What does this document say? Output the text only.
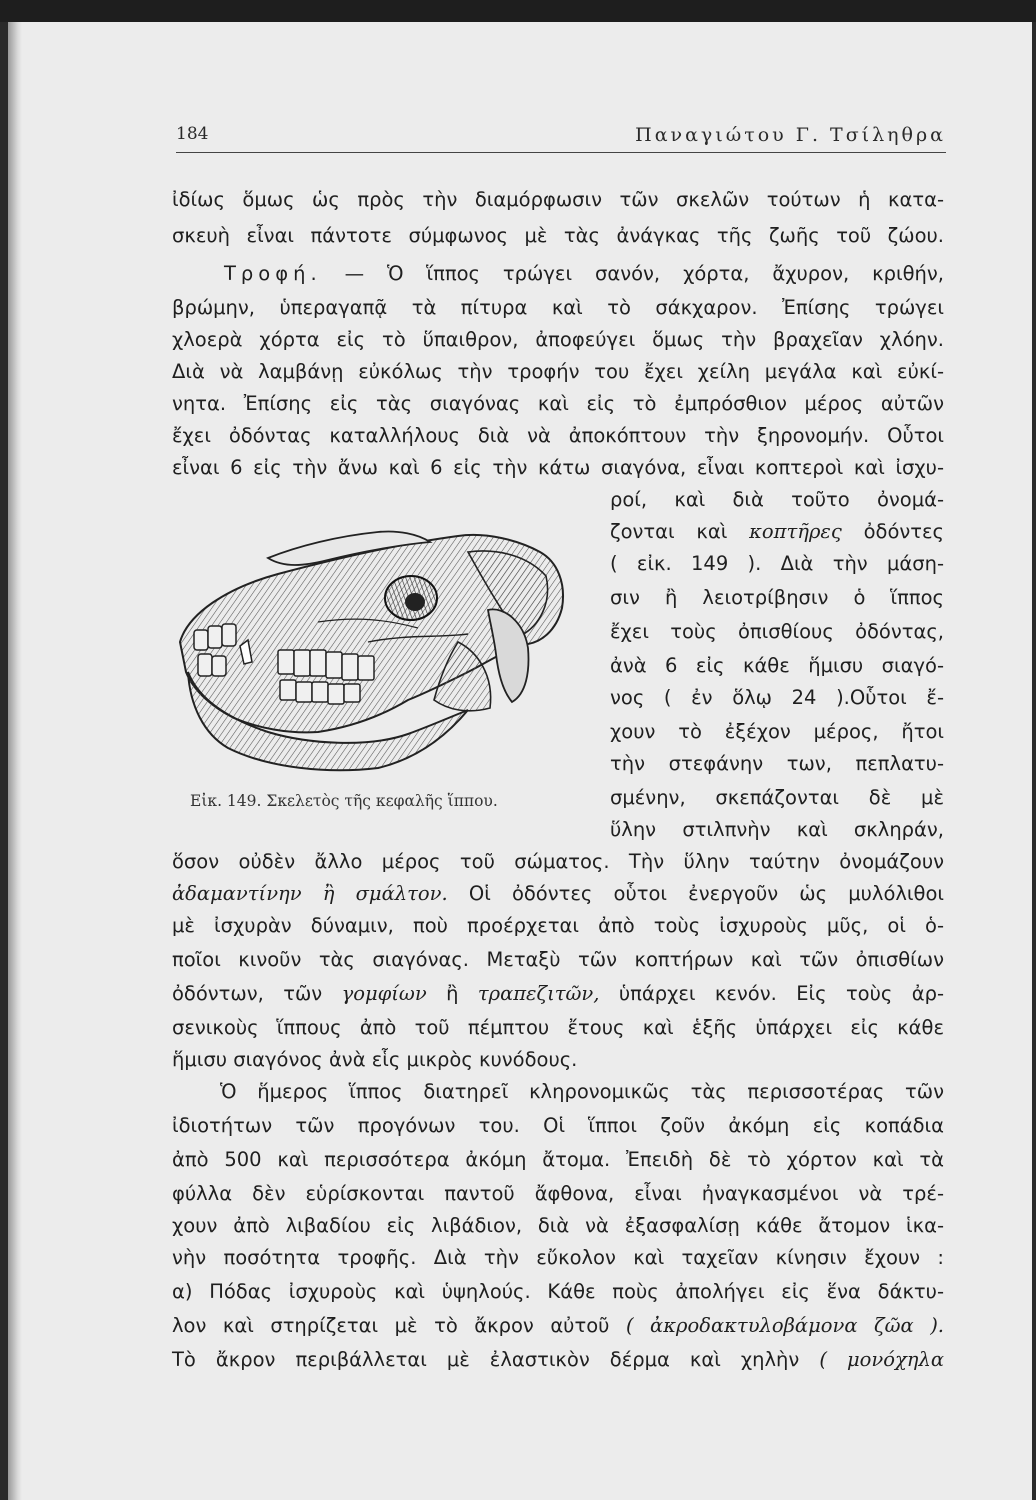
184	Παναγιώτου Γ. Τσίληθρα
ἰδίως ὅμως ὡς πρὸς τὴν διαμόρφωσιν τῶν σκελῶν τούτων ἡ κατα-
σκευὴ εἶναι πάντοτε σύμφωνος μὲ τὰς ἀνάγκας τῆς ζωῆς τοῦ ζώου.
Τροφή. — Ὁ ἵππος τρώγει σανόν, χόρτα, ἄχυρον, κριθήν,
βρώμην, ὑπεραγαπᾷ τὰ πίτυρα καὶ τὸ σάκχαρον. Ἐπίσης τρώγει
χλοερὰ χόρτα εἰς τὸ ὕπαιθρον, ἀποφεύγει ὅμως τὴν βραχεῖαν χλόην.
Διὰ νὰ λαμβάνῃ εὐκόλως τὴν τροφήν του ἔχει χείλη μεγάλα καὶ εὐκί-
νητα. Ἐπίσης εἰς τὰς σιαγόνας καὶ εἰς τὸ ἐμπρόσθιον μέρος αὐτῶν
ἔχει ὀδόντας καταλλήλους διὰ νὰ ἀποκόπτουν τὴν ξηρονομήν. Οὗτοι
εἶναι 6 εἰς τὴν ἄνω καὶ 6 εἰς τὴν κάτω σιαγόνα, εἶναι κοπτεροὶ καὶ ἰσχυ-
ροί, καὶ διὰ τοῦτο ὀνομά-
ζονται καὶ κοπτῆρες ὀδόντες
( εἰκ. 149 ). Διὰ τὴν μάση-
σιν ἢ λειοτρίβησιν ὁ ἵππος
ἔχει τοὺς ὀπισθίους ὀδόντας,
ἀνὰ 6 εἰς κάθε ἥμισυ σιαγό-
νος ( ἐν ὅλῳ 24 ).Οὗτοι ἔ-
χουν τὸ ἐξέχον μέρος, ἤτοι
τὴν στεφάνην των, πεπλατυ-
σμένην, σκεπάζονται δὲ μὲ
ὕλην στιλπνὴν καὶ σκληράν,
Εἰκ. 149. Σκελετὸς τῆς κεφαλῆς ἵππου.
ὅσον οὐδὲν ἄλλο μέρος τοῦ σώματος. Τὴν ὕλην ταύτην ὀνομάζουν
ἀδαμαντίνην ἢ σμάλτον. Οἱ ὀδόντες οὗτοι ἐνεργοῦν ὡς μυλόλιθοι
μὲ ἰσχυρὰν δύναμιν, ποὺ προέρχεται ἀπὸ τοὺς ἰσχυροὺς μῦς, οἱ ὁ-
ποῖοι κινοῦν τὰς σιαγόνας. Μεταξὺ τῶν κοπτήρων καὶ τῶν ὀπισθίων
ὀδόντων, τῶν γομφίων ἢ τραπεζιτῶν, ὑπάρχει κενόν. Εἰς τοὺς ἀρ-
σενικοὺς ἵππους ἀπὸ τοῦ πέμπτου ἔτους καὶ ἑξῆς ὑπάρχει εἰς κάθε
ἥμισυ σιαγόνος ἀνὰ εἷς μικρὸς κυνόδους.
Ὁ ἥμερος ἵππος διατηρεῖ κληρονομικῶς τὰς περισσοτέρας τῶν
ἰδιοτήτων τῶν προγόνων του. Οἱ ἵπποι ζοῦν ἀκόμη εἰς κοπάδια
ἀπὸ 500 καὶ περισσότερα ἀκόμη ἄτομα. Ἐπειδὴ δὲ τὸ χόρτον καὶ τὰ
φύλλα δὲν εὑρίσκονται παντοῦ ἄφθονα, εἶναι ἠναγκασμένοι νὰ τρέ-
χουν ἀπὸ λιβαδίου εἰς λιβάδιον, διὰ νὰ ἐξασφαλίσῃ κάθε ἄτομον ἱκα-
νὴν ποσότητα τροφῆς. Διὰ τὴν εὔκολον καὶ ταχεῖαν κίνησιν ἔχουν :
α) Πόδας ἰσχυροὺς καὶ ὑψηλούς. Κάθε ποὺς ἀπολήγει εἰς ἕνα δάκτυ-
λον καὶ στηρίζεται μὲ τὸ ἄκρον αὐτοῦ ( ἀκροδακτυλοβάμονα ζῶα ).
Τὸ ἄκρον περιβάλλεται μὲ ἐλαστικὸν δέρμα καὶ χηλὴν ( μονόχηλα
